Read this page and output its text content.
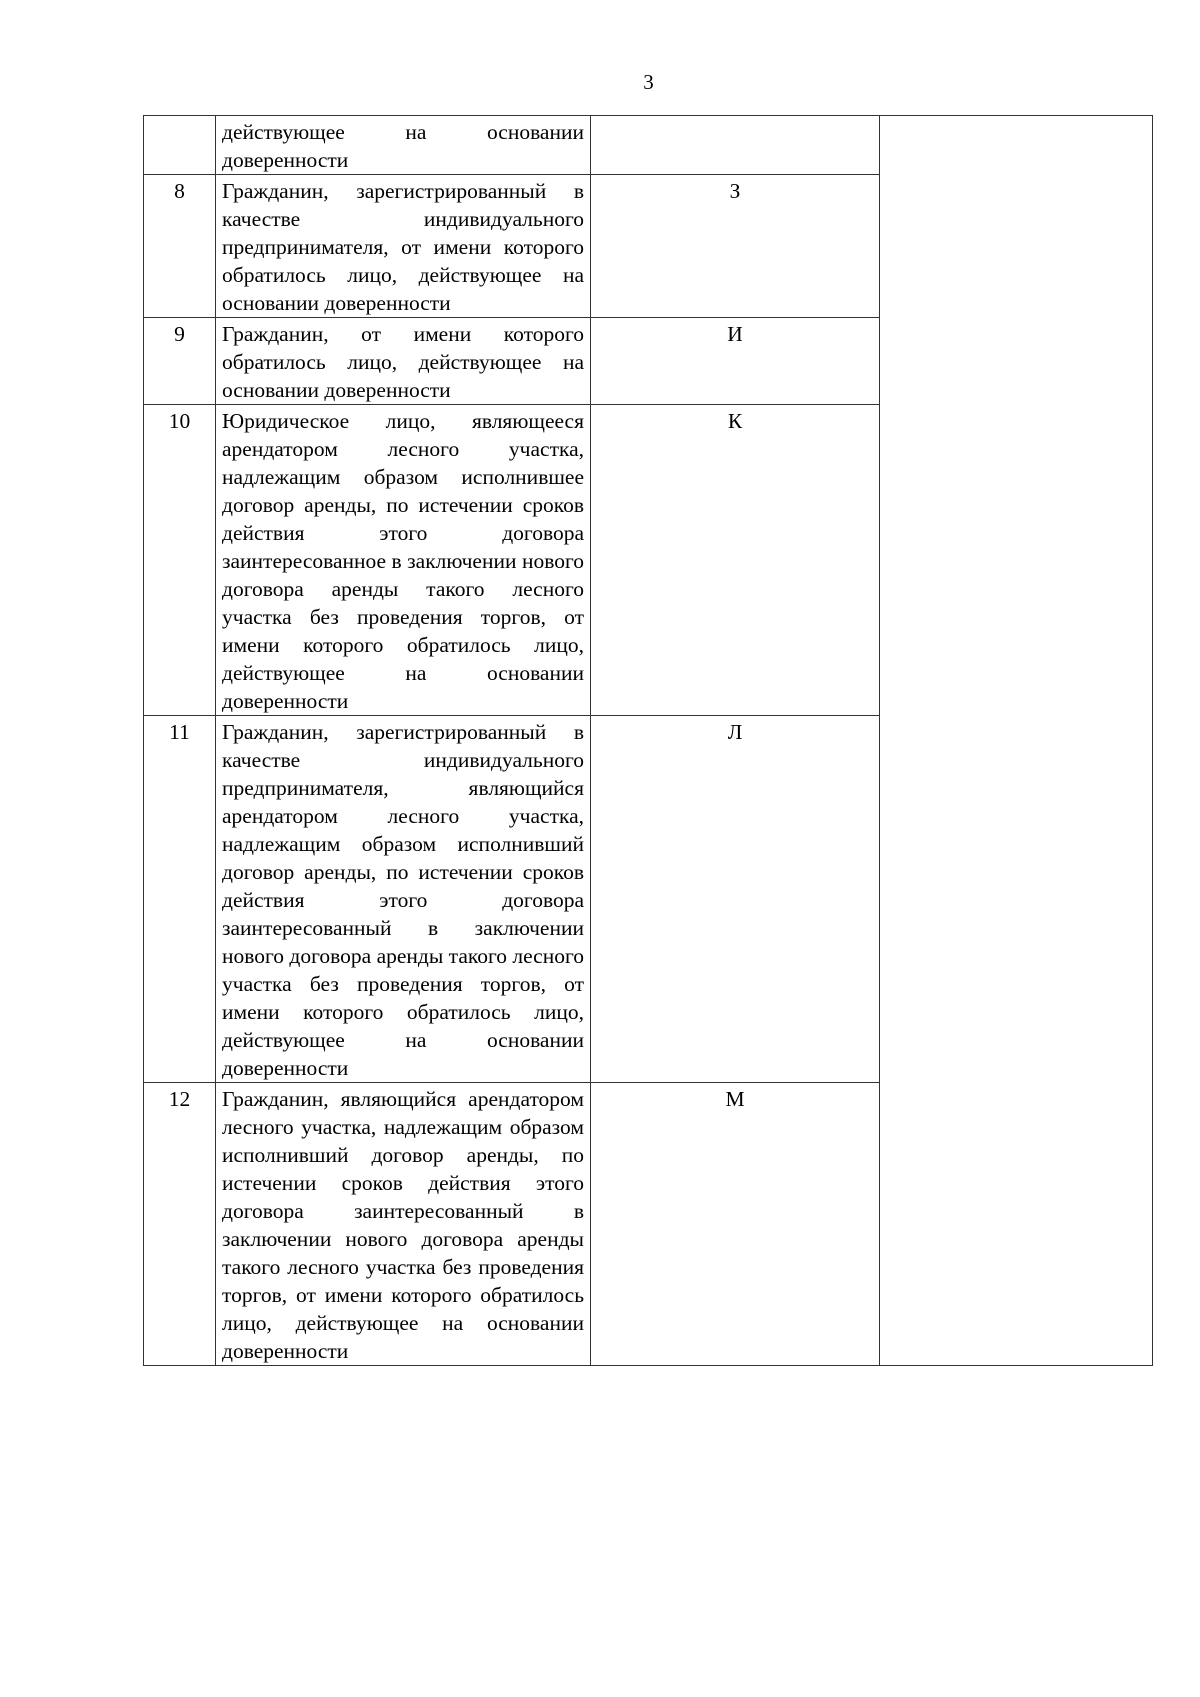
3
	действующее на основании доверенности		
8	Гражданин, зарегистрированный в качестве индивидуального предпринимателя, от имени которого обратилось лицо, действующее на основании доверенности	З	
9	Гражданин, от имени которого обратилось лицо, действующее на основании доверенности	И	
10	Юридическое лицо, являющееся арендатором лесного участка, надлежащим образом исполнившее договор аренды, по истечении сроков действия этого договора заинтересованное в заключении нового договора аренды такого лесного участка без проведения торгов, от имени которого обратилось лицо, действующее на основании доверенности	К	
11	Гражданин, зарегистрированный в качестве индивидуального предпринимателя, являющийся арендатором лесного участка, надлежащим образом исполнивший договор аренды, по истечении сроков действия этого договора заинтересованный в заключении нового договора аренды такого лесного участка без проведения торгов, от имени которого обратилось лицо, действующее на основании доверенности	Л	
12	Гражданин, являющийся арендатором лесного участка, надлежащим образом исполнивший договор аренды, по истечении сроков действия этого договора заинтересованный в заключении нового договора аренды такого лесного участка без проведения торгов, от имени которого обратилось лицо, действующее на основании доверенности	М	
